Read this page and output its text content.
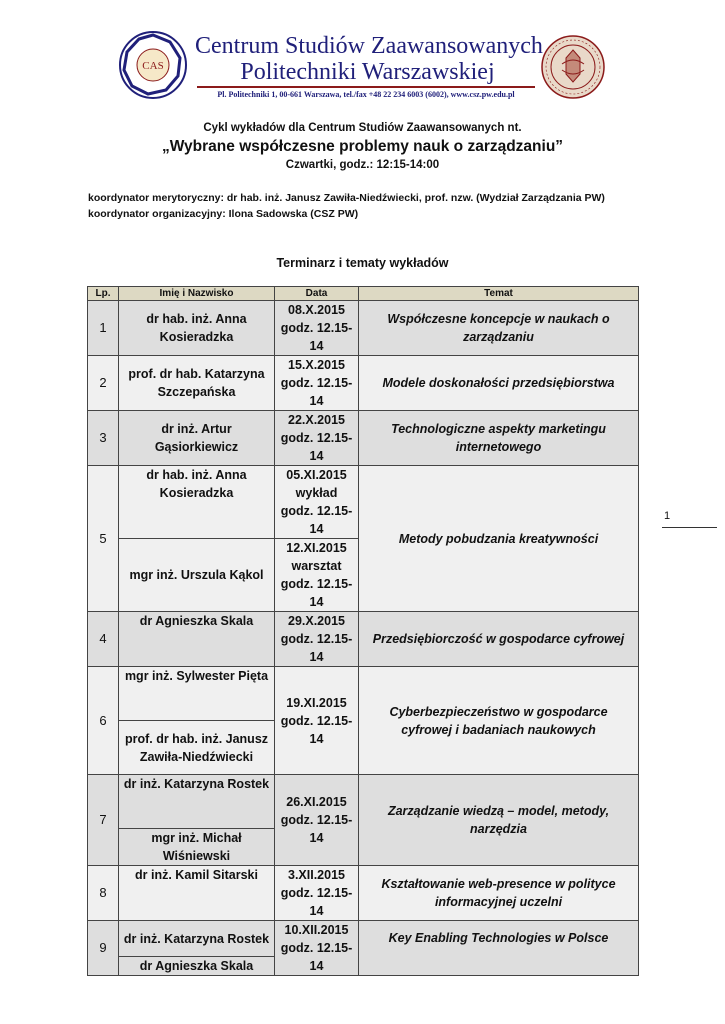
CAS
Centrum Studiów Zaawansowanych
Politechniki Warszawskiej
Pl. Politechniki 1, 00-661 Warszawa, tel./fax +48 22 234 6003 (6002), www.csz.pw.edu.pl
Cykl wykładów dla Centrum Studiów Zaawansowanych nt.
„Wybrane współczesne problemy nauk o zarządzaniu”
Czwartki, godz.: 12:15-14:00
koordynator merytoryczny: dr hab. inż. Janusz Zawiła-Niedźwiecki, prof. nzw. (Wydział Zarządzania PW)
koordynator organizacyjny: Ilona Sadowska (CSZ PW)
Terminarz i tematy wykładów
Lp.	Imię i Nazwisko	Data	Temat
1	dr hab. inż. Anna Kosieradzka	08.X.2015 godz. 12.15-14	Współczesne koncepcje w naukach o zarządzaniu
2	prof. dr hab. Katarzyna Szczepańska	15.X.2015 godz. 12.15-14	Modele doskonałości przedsiębiorstwa
3	dr inż. Artur Gąsiorkiewicz	22.X.2015 godz. 12.15-14	Technologiczne aspekty marketingu internetowego
5	dr hab. inż. Anna Kosieradzka	05.XI.2015 wykład godz. 12.15-14	Metody pobudzania kreatywności
	mgr inż. Urszula Kąkol	12.XI.2015 warsztat godz. 12.15-14	
4	dr Agnieszka Skala	29.X.2015 godz. 12.15-14	Przedsiębiorczość w gospodarce cyfrowej
6	mgr inż. Sylwester Pięta	19.XI.2015 godz. 12.15-14	Cyberbezpieczeństwo w gospodarce cyfrowej i badaniach naukowych
	prof. dr hab. inż. Janusz Zawiła-Niedźwiecki		
7	dr inż. Katarzyna Rostek	26.XI.2015 godz. 12.15-14	Zarządzanie wiedzą – model, metody, narzędzia
	mgr inż. Michał Wiśniewski		
8	dr inż. Kamil Sitarski	3.XII.2015 godz. 12.15-14	Kształtowanie web-presence w polityce informacyjnej uczelni
9	dr inż. Katarzyna Rostek	10.XII.2015 godz. 12.15-14	Key Enabling Technologies w Polsce
	dr Agnieszka Skala		
1
